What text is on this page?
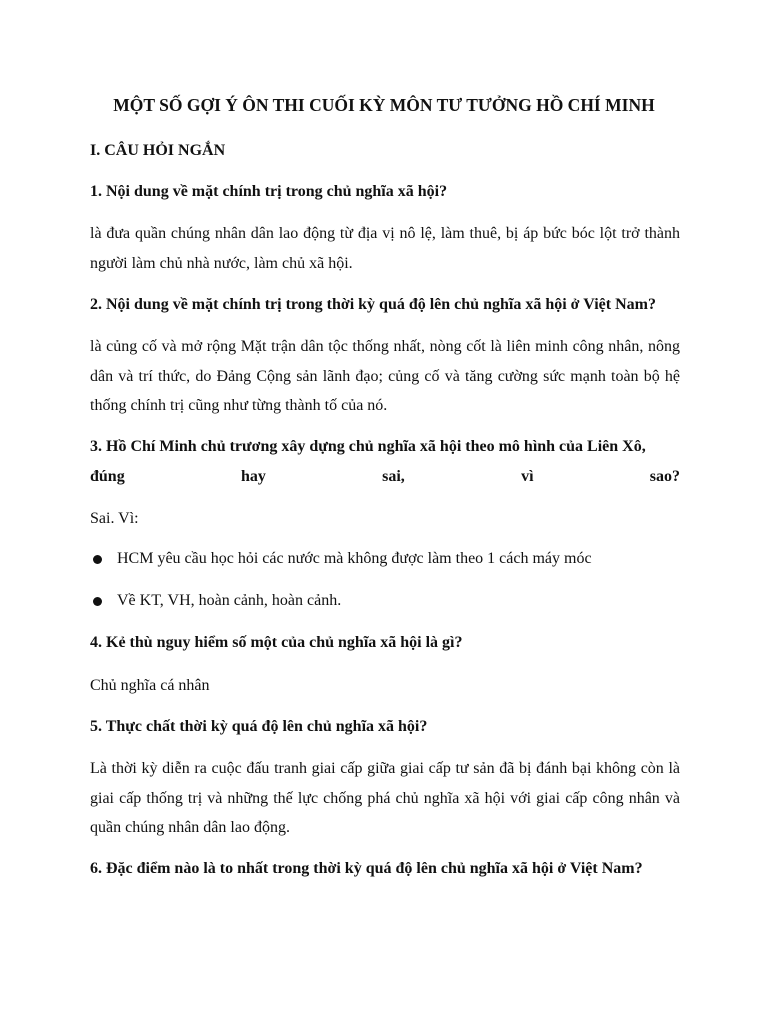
MỘT SỐ GỢI Ý ÔN THI CUỐI KỲ MÔN TƯ TƯỞNG HỒ CHÍ MINH

I. CÂU HỎI NGẮN

1. Nội dung về mặt chính trị trong chủ nghĩa xã hội?

là đưa quần chúng nhân dân lao động từ địa vị nô lệ, làm thuê, bị áp bức bóc lột trở thành người làm chủ nhà nước, làm chủ xã hội.

2. Nội dung về mặt chính trị trong thời kỳ quá độ lên chủ nghĩa xã hội ở Việt Nam?

là củng cố và mở rộng Mặt trận dân tộc thống nhất, nòng cốt là liên minh công nhân, nông dân và trí thức, do Đảng Cộng sản lãnh đạo; củng cố và tăng cường sức mạnh toàn bộ hệ thống chính trị cũng như từng thành tố của nó.

3. Hồ Chí Minh chủ trương xây dựng chủ nghĩa xã hội theo mô hình của Liên Xô, đúng hay sai, vì sao?

Sai. Vì:

HCM yêu cầu học hỏi các nước mà không được làm theo 1 cách máy móc
Về KT, VH, hoàn cảnh, hoàn cảnh.

4. Kẻ thù nguy hiểm số một của chủ nghĩa xã hội là gì?

Chủ nghĩa cá nhân

5. Thực chất thời kỳ quá độ lên chủ nghĩa xã hội?

Là thời kỳ diễn ra cuộc đấu tranh giai cấp giữa giai cấp tư sản đã bị đánh bại không còn là giai cấp thống trị và những thế lực chống phá chủ nghĩa xã hội với giai cấp công nhân và quần chúng nhân dân lao động.

6. Đặc điểm nào là to nhất trong thời kỳ quá độ lên chủ nghĩa xã hội ở Việt Nam?
